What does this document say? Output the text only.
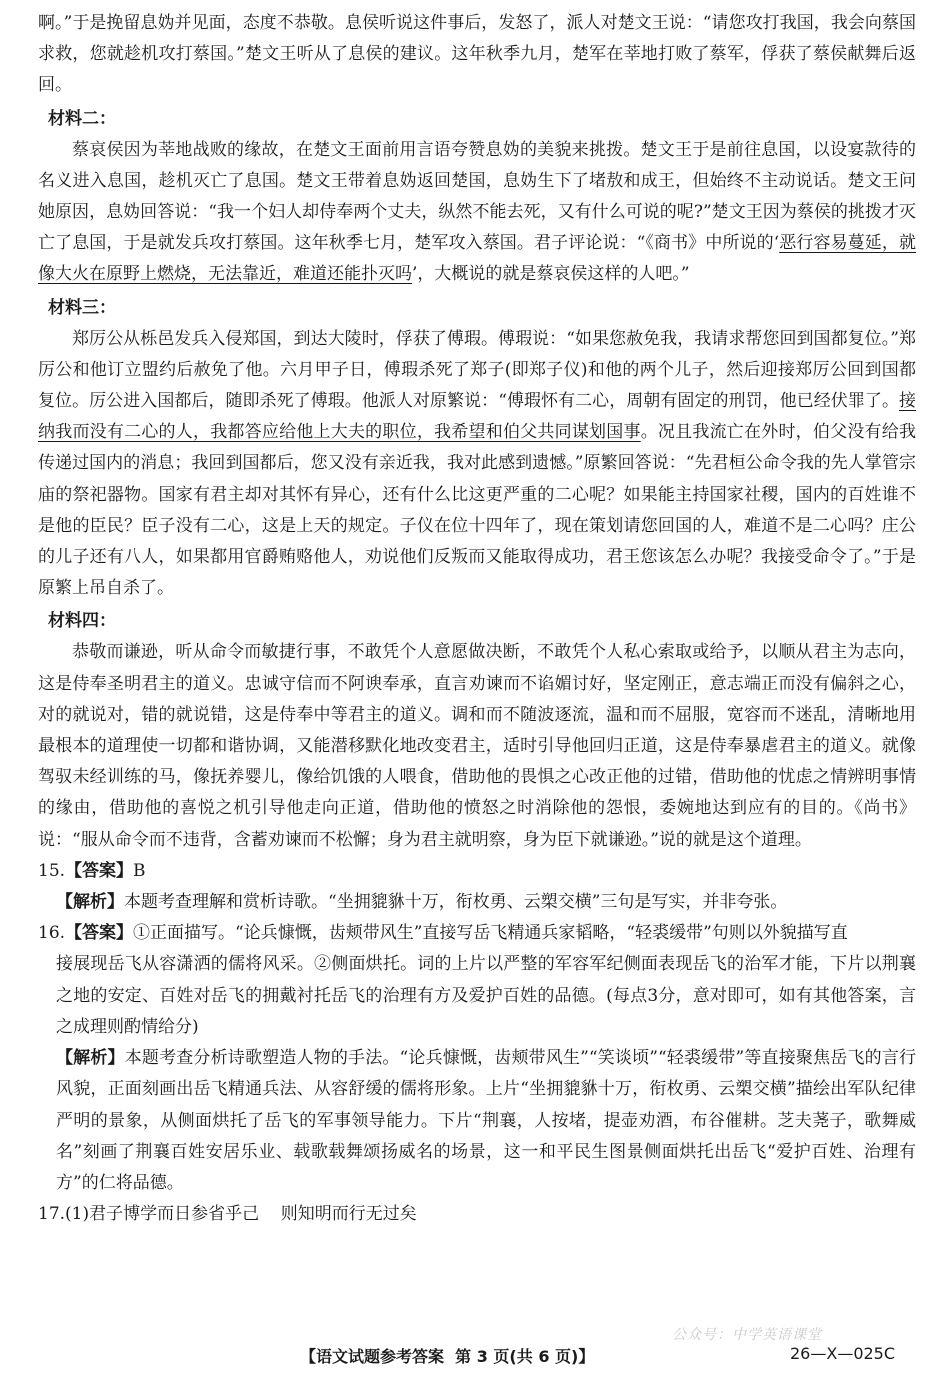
啊。”于是挽留息妫并见面，态度不恭敬。息侯听说这件事后，发怒了，派人对楚文王说：“请您攻打我国，我会向蔡国求救，您就趁机攻打蔡国。”楚文王听从了息侯的建议。这年秋季九月，楚军在莘地打败了蔡军，俘获了蔡侯献舞后返回。

材料二：

蔡哀侯因为莘地战败的缘故，在楚文王面前用言语夸赞息妫的美貌来挑拨。楚文王于是前往息国，以设宴款待的名义进入息国，趁机灭亡了息国。楚文王带着息妫返回楚国，息妫生下了堵敖和成王，但始终不主动说话。楚文王问她原因，息妫回答说：“我一个妇人却侍奉两个丈夫，纵然不能去死，又有什么可说的呢?”楚文王因为蔡侯的挑拨才灭亡了息国，于是就发兵攻打蔡国。这年秋季七月，楚军攻入蔡国。君子评论说：“《商书》中所说的‘恶行容易蔓延，就像大火在原野上燃烧，无法靠近，难道还能扑灭吗’，大概说的就是蔡哀侯这样的人吧。”

材料三：

郑厉公从栎邑发兵入侵郑国，到达大陵时，俘获了傅瑕。傅瑕说：“如果您赦免我，我请求帮您回到国都复位。”郑厉公和他订立盟约后赦免了他。六月甲子日，傅瑕杀死了郑子(即郑子仪)和他的两个儿子，然后迎接郑厉公回到国都复位。厉公进入国都后，随即杀死了傅瑕。他派人对原繁说：“傅瑕怀有二心，周朝有固定的刑罚，他已经伏罪了。接纳我而没有二心的人，我都答应给他上大夫的职位，我希望和伯父共同谋划国事。况且我流亡在外时，伯父没有给我传递过国内的消息；我回到国都后，您又没有亲近我，我对此感到遗憾。”原繁回答说：“先君桓公命令我的先人掌管宗庙的祭祀器物。国家有君主却对其怀有异心，还有什么比这更严重的二心呢？如果能主持国家社稷，国内的百姓谁不是他的臣民？臣子没有二心，这是上天的规定。子仪在位十四年了，现在策划请您回国的人，难道不是二心吗？庄公的儿子还有八人，如果都用官爵贿赂他人，劝说他们反叛而又能取得成功，君王您该怎么办呢？我接受命令了。”于是原繁上吊自杀了。

材料四：

恭敬而谦逊，听从命令而敏捷行事，不敢凭个人意愿做决断，不敢凭个人私心索取或给予，以顺从君主为志向，这是侍奉圣明君主的道义。忠诚守信而不阿谀奉承，直言劝谏而不谄媚讨好，坚定刚正，意志端正而没有偏斜之心，对的就说对，错的就说错，这是侍奉中等君主的道义。调和而不随波逐流，温和而不屈服，宽容而不迷乱，清晰地用最根本的道理使一切都和谐协调，又能潜移默化地改变君主，适时引导他回归正道，这是侍奉暴虐君主的道义。就像驾驭未经训练的马，像抚养婴儿，像给饥饿的人喂食，借助他的畏惧之心改正他的过错，借助他的忧虑之情辨明事情的缘由，借助他的喜悦之机引导他走向正道，借助他的愤怒之时消除他的怨恨，委婉地达到应有的目的。《尚书》说：“服从命令而不违背，含蓄劝谏而不松懈；身为君主就明察，身为臣下就谦逊。”说的就是这个道理。

15.【答案】B

【解析】本题考查理解和赏析诗歌。“坐拥貔貅十万，衔枚勇、云槊交横”三句是写实，并非夸张。

16.【答案】①正面描写。“论兵慷慨，齿颊带风生”直接写岳飞精通兵家韬略，“轻裘缓带”句则以外貌描写直

接展现岳飞从容潇洒的儒将风采。②侧面烘托。词的上片以严整的军容军纪侧面表现岳飞的治军才能，下片以荆襄之地的安定、百姓对岳飞的拥戴衬托岳飞的治理有方及爱护百姓的品德。(每点3分，意对即可，如有其他答案，言之成理则酌情给分)

【解析】本题考查分析诗歌塑造人物的手法。“论兵慷慨，齿颊带风生”“笑谈顷”“轻裘缓带”等直接聚焦岳飞的言行风貌，正面刻画出岳飞精通兵法、从容舒缓的儒将形象。上片“坐拥貔貅十万，衔枚勇、云槊交横”描绘出军队纪律严明的景象，从侧面烘托了岳飞的军事领导能力。下片“荆襄，人按堵，提壶劝酒，布谷催耕。芝夫荛子，歌舞威名”刻画了荆襄百姓安居乐业、载歌载舞颂扬威名的场景，这一和平民生图景侧面烘托出岳飞“爱护百姓、治理有方”的仁将品德。

17.(1)君子博学而日参省乎己 则知明而行无过矣

公众号：中学英语课堂
【语文试题参考答案 第 3 页(共 6 页)】	26—X—025C
